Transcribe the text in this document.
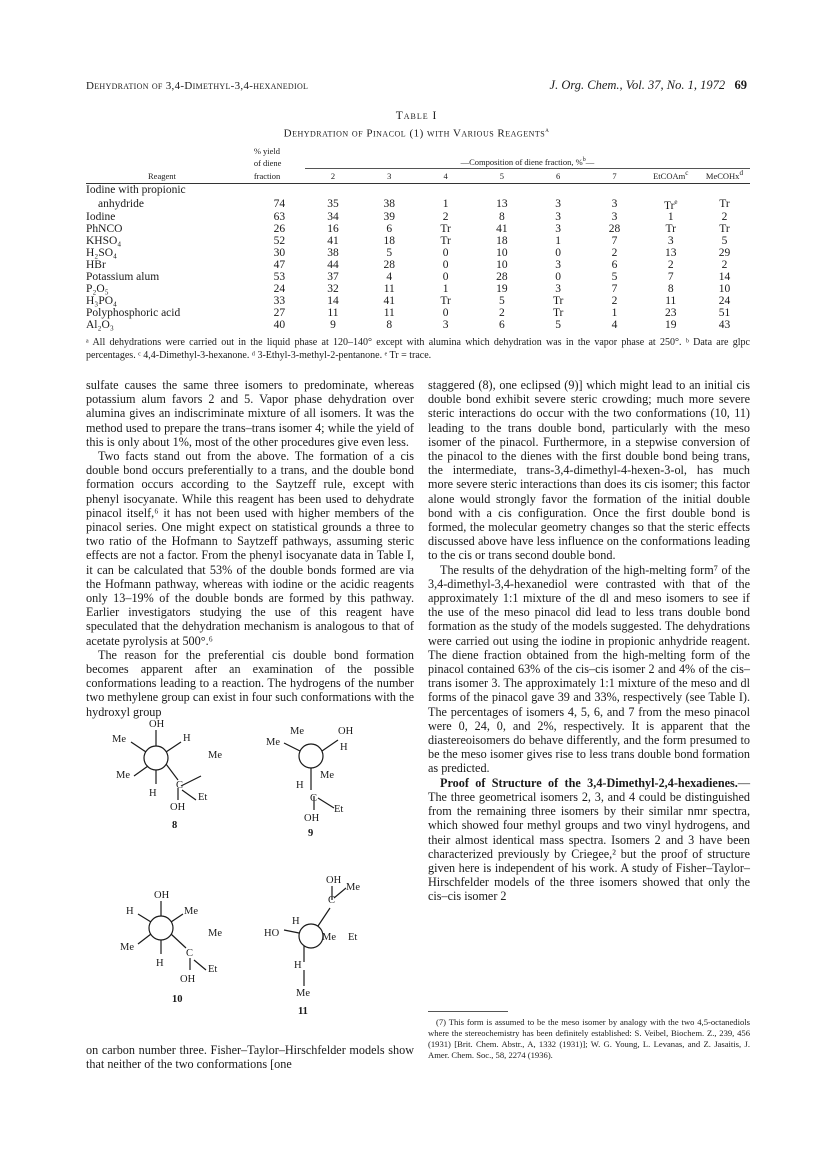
Dehydration of 3,4-Dimethyl-3,4-hexanediol	J. Org. Chem., Vol. 37, No. 1, 1972 69
Table I
Dehydration of Pinacol (1) with Various Reagents$^a$
	% yield								
	of diene	—Composition of diene fraction, %$^b$—							
Reagent	fraction	2	3	4	5	6	7	EtCOAm$^c$	MeCOHx$^d$

Iodine with propionic									
anhydride	74	35	38	1	13	3	3	Tr$^e$	Tr
Iodine	63	34	39	2	8	3	3	1	2
PhNCO	26	16	6	Tr	41	3	28	Tr	Tr
KHSO₄	52	41	18	Tr	18	1	7	3	5
H₂SO₄	30	38	5	0	10	0	2	13	29
HBr	47	44	28	0	10	3	6	2	2
Potassium alum	53	37	4	0	28	0	5	7	14
P₂O₅	24	32	11	1	19	3	7	8	10
H₃PO₄	33	14	41	Tr	5	Tr	2	11	24
Polyphosphoric acid	27	11	11	0	2	Tr	1	23	51
Al₂O₃	40	9	8	3	6	5	4	19	43
ᵃ All dehydrations were carried out in the liquid phase at 120–140° except with alumina which dehydration was in the vapor phase at 250°. ᵇ Data are glpc percentages. ᶜ 4,4-Dimethyl-3-hexanone. ᵈ 3-Ethyl-3-methyl-2-pentanone. ᵉ Tr = trace.

sulfate causes the same three isomers to predominate, whereas potassium alum favors 2 and 5. Vapor phase dehydration over alumina gives an indiscriminate mixture of all isomers. It was the method used to prepare the trans–trans isomer 4; while the yield of this is only about 1%, most of the other procedures give even less.

Two facts stand out from the above. The formation of a cis double bond occurs preferentially to a trans, and the double bond formation occurs according to the Saytzeff rule, except with phenyl isocyanate. While this reagent has been used to dehydrate pinacol itself,⁶ it has not been used with higher members of the pinacol series. One might expect on statistical grounds a three to two ratio of the Hofmann to Saytzeff pathways, assuming steric effects are not a factor. From the phenyl isocyanate data in Table I, it can be calculated that 53% of the double bonds formed are via the Hofmann pathway, whereas with iodine or the acidic reagents only 13–19% of the double bonds are formed by this pathway. Earlier investigators studying the use of this reagent have speculated that the dehydration mechanism is analogous to that of acetate pyrolysis at 500°.⁶

The reason for the preferential cis double bond formation becomes apparent after an examination of the possible conformations leading to a reaction. The hydrogens of the number two methylene group can exist in four such conformations with the hydroxyl group

OH
Me	H
Me
Me
C
H
OH
Et
8
Me
Me	OH
H
H
Me
C
OH
Et
9
OH
H	Me
Me
Me
C
H
OH
Et
10
OH
Me
C
H
HO	Me Et
H
Me
11

on carbon number three. Fisher–Taylor–Hirschfelder models show that neither of the two conformations [one

staggered (8), one eclipsed (9)] which might lead to an initial cis double bond exhibit severe steric crowding; much more severe steric interactions do occur with the two conformations (10, 11) leading to the trans double bond, particularly with the meso isomer of the pinacol. Furthermore, in a stepwise conversion of the pinacol to the dienes with the first double bond being trans, the intermediate, trans-3,4-dimethyl-4-hexen-3-ol, has much more severe steric interactions than does its cis isomer; this factor alone would strongly favor the formation of the initial double bond with a cis configuration. Once the first double bond is formed, the molecular geometry changes so that the steric effects discussed above have less influence on the conformations leading to the cis or trans second double bond.

The results of the dehydration of the high-melting form⁷ of the 3,4-dimethyl-3,4-hexanediol were contrasted with that of the approximately 1:1 mixture of the dl and meso isomers to see if the use of the meso pinacol did lead to less trans double bond formation as the study of the models suggested. The dehydrations were carried out using the iodine in propionic anhydride reagent. The diene fraction obtained from the high-melting form of the pinacol contained 63% of the cis–cis isomer 2 and 4% of the cis–trans isomer 3. The approximately 1:1 mixture of the meso and dl forms of the pinacol gave 39 and 33%, respectively (see Table I). The percentages of isomers 4, 5, 6, and 7 from the meso pinacol were 0, 24, 0, and 2%, respectively. It is apparent that the diastereoisomers do behave differently, and the form presumed to be the meso isomer gives rise to less trans double bond formation as predicted.

Proof of Structure of the 3,4-Dimethyl-2,4-hexadienes.—The three geometrical isomers 2, 3, and 4 could be distinguished from the remaining three isomers by their similar nmr spectra, which showed four methyl groups and two vinyl hydrogens, and their almost identical mass spectra. Isomers 2 and 3 have been characterized previously by Criegee,² but the proof of structure given here is independent of his work. A study of Fisher–Taylor–Hirschfelder models of the three isomers showed that only the cis–cis isomer 2

(7) This form is assumed to be the meso isomer by analogy with the two 4,5-octanediols where the stereochemistry has been definitely established: S. Veibel, Biochem. Z., 239, 456 (1931) [Brit. Chem. Abstr., A, 1332 (1931)]; W. G. Young, L. Levanas, and Z. Jasaitis, J. Amer. Chem. Soc., 58, 2274 (1936).
